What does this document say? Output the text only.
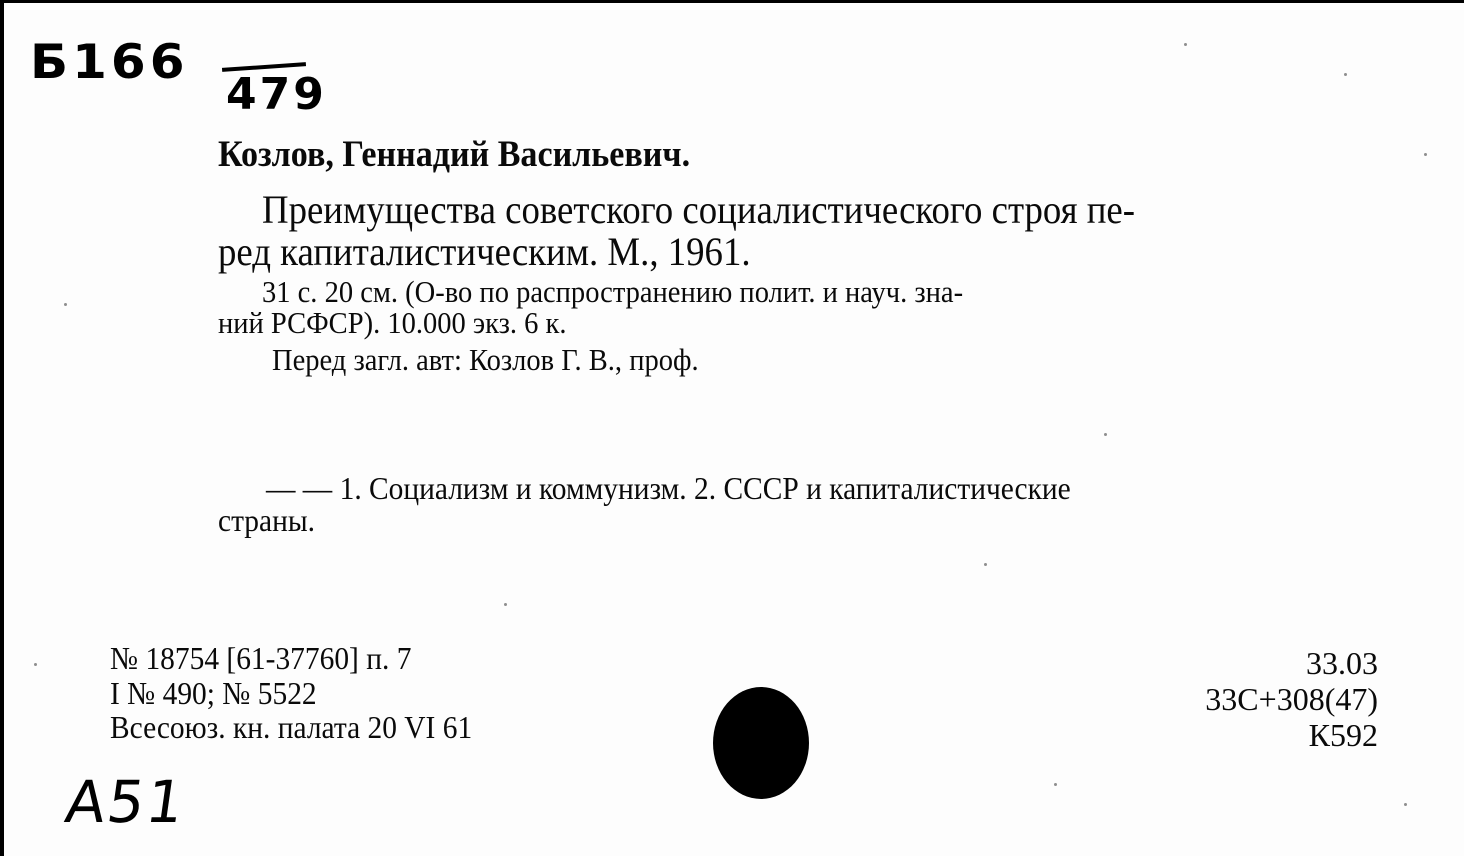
Б166
479
Козлов, Геннадий Васильевич.
Преимущества советского социалистического строя пе-
ред капиталистическим. М., 1961.
31 с. 20 см. (О-во по распространению полит. и науч. зна-
ний РСФСР). 10.000 экз. 6 к.
Перед загл. авт: Козлов Г. В., проф.
— — 1. Социализм и коммунизм. 2. СССР и капиталистические
страны.
№ 18754 [61-37760] п. 7
I № 490; № 5522
Всесоюз. кн. палата 20 VI 61
33.03
33С+308(47)
К592
A51
